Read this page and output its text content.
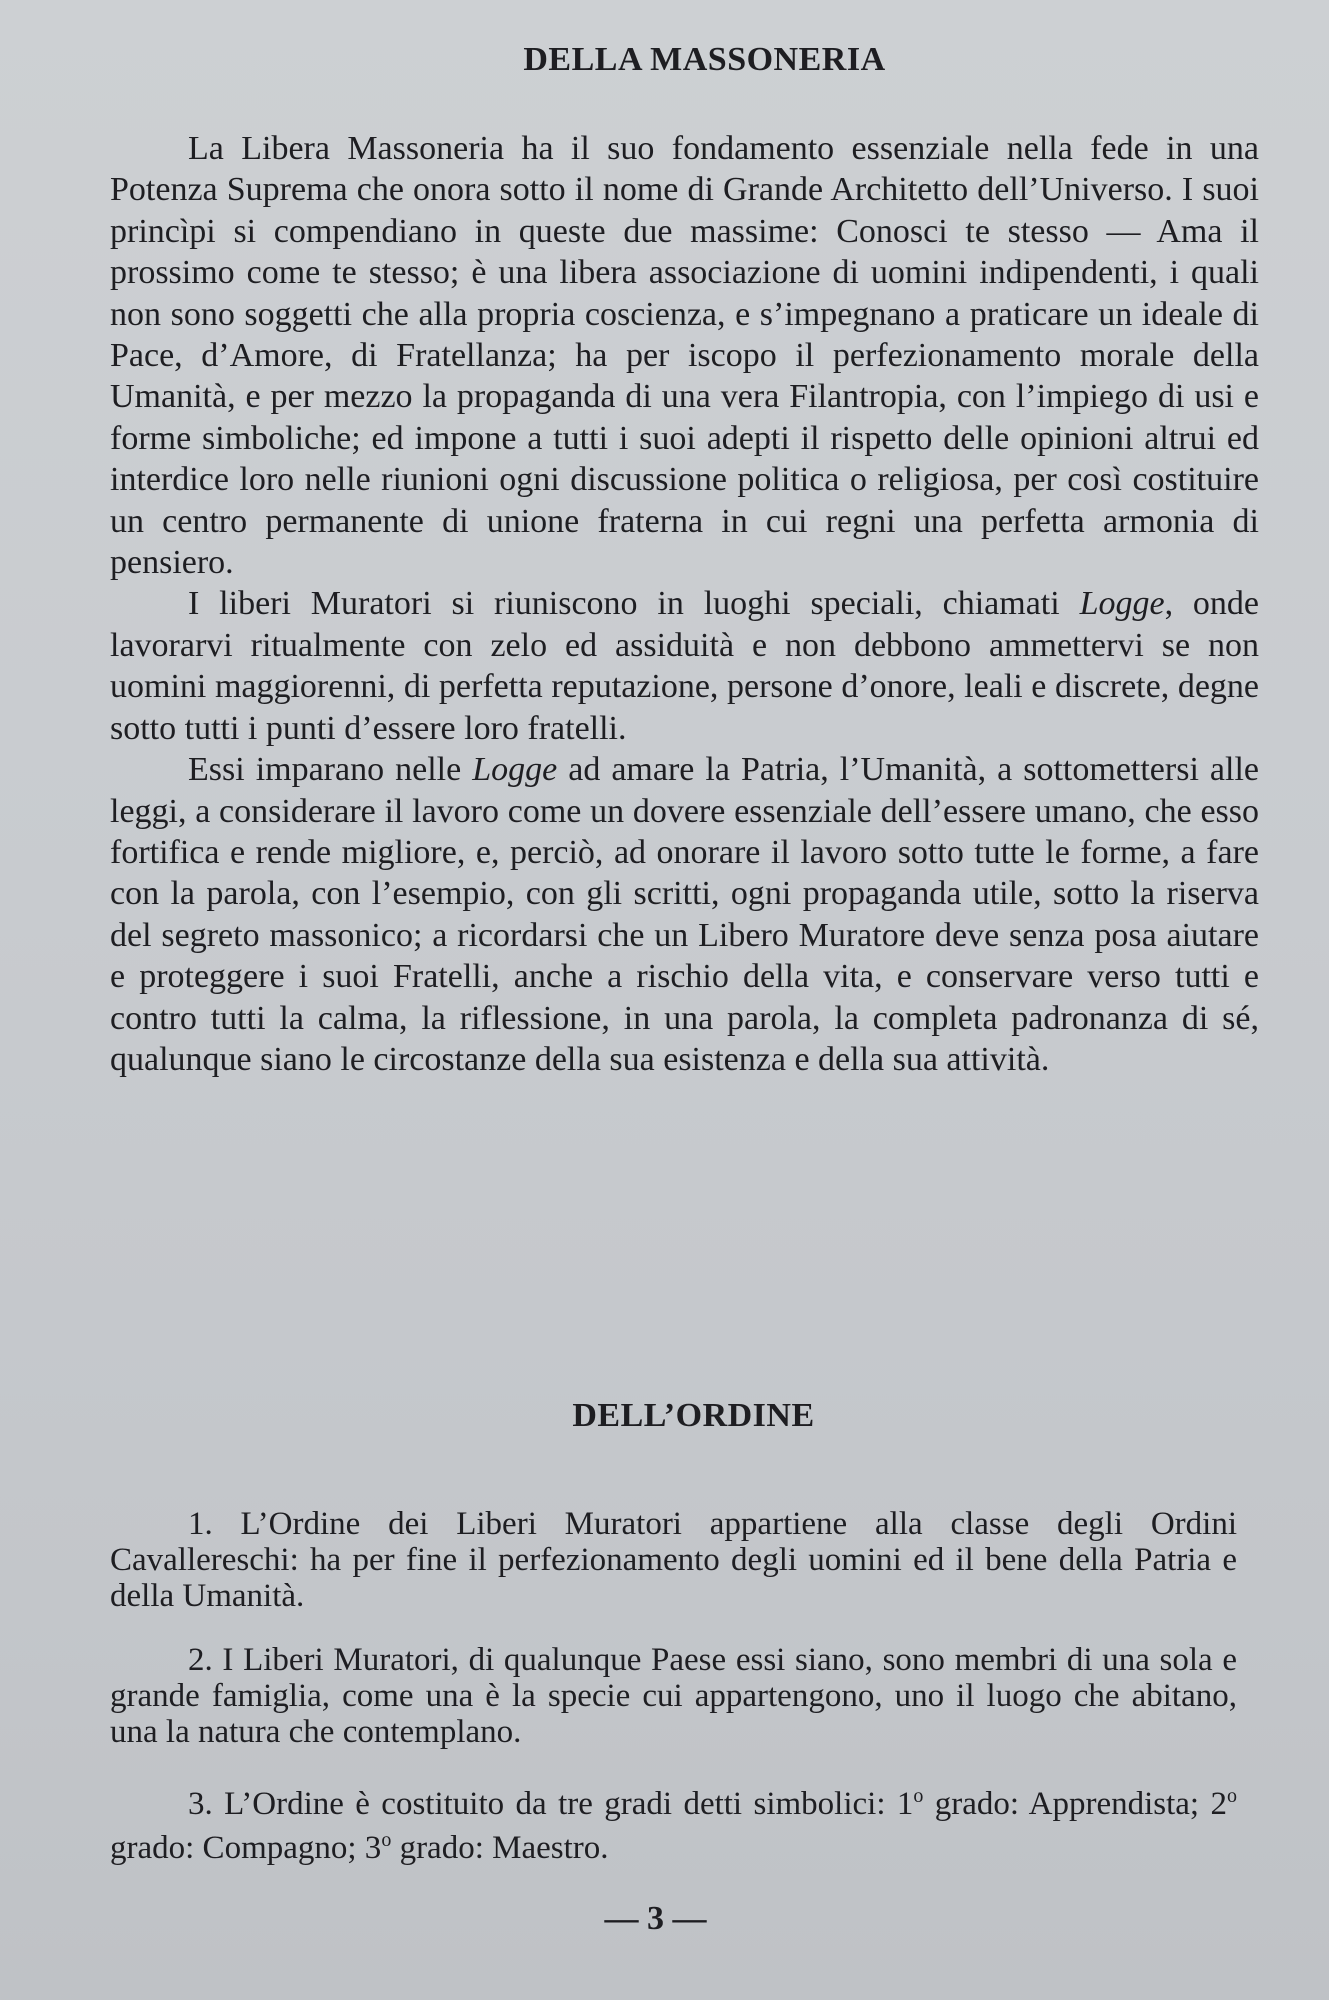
DELLA MASSONERIA

La Libera Massoneria ha il suo fondamento essenziale nella fede in una Potenza Suprema che onora sotto il nome di Grande Architetto dell’Universo. I suoi princìpi si compendiano in queste due massime: Conosci te stesso — Ama il prossimo come te stesso; è una libera associazione di uomini indipendenti, i quali non sono soggetti che alla propria coscienza, e s’impegnano a praticare un ideale di Pace, d’Amore, di Fratellanza; ha per iscopo il perfezionamento morale della Umanità, e per mezzo la propaganda di una vera Filantropia, con l’impiego di usi e forme simboliche; ed impone a tutti i suoi adepti il rispetto delle opinioni altrui ed interdice loro nelle riunioni ogni discussione politica o religiosa, per così costituire un centro permanente di unione fraterna in cui regni una perfetta armonia di pensiero.

I liberi Muratori si riuniscono in luoghi speciali, chiamati Logge, onde lavorarvi ritualmente con zelo ed assiduità e non debbono ammettervi se non uomini maggiorenni, di perfetta reputazione, persone d’onore, leali e discrete, degne sotto tutti i punti d’essere loro fratelli.

Essi imparano nelle Logge ad amare la Patria, l’Umanità, a sottomettersi alle leggi, a considerare il lavoro come un dovere essenziale dell’essere umano, che esso fortifica e rende migliore, e, perciò, ad onorare il lavoro sotto tutte le forme, a fare con la parola, con l’esempio, con gli scritti, ogni propaganda utile, sotto la riserva del segreto massonico; a ricordarsi che un Libero Muratore deve senza posa aiutare e proteggere i suoi Fratelli, anche a rischio della vita, e conservare verso tutti e contro tutti la calma, la riflessione, in una parola, la completa padronanza di sé, qualunque siano le circostanze della sua esistenza e della sua attività.

DELL’ORDINE

1. L’Ordine dei Liberi Muratori appartiene alla classe degli Ordini Cavallereschi: ha per fine il perfezionamento degli uomini ed il bene della Patria e della Umanità.

2. I Liberi Muratori, di qualunque Paese essi siano, sono membri di una sola e grande famiglia, come una è la specie cui appartengono, uno il luogo che abitano, una la natura che contemplano.

3. L’Ordine è costituito da tre gradi detti simbolici: 1$^o$ grado: Apprendista; 2$^o$ grado: Compagno; 3$^o$ grado: Maestro.

— 3 —
